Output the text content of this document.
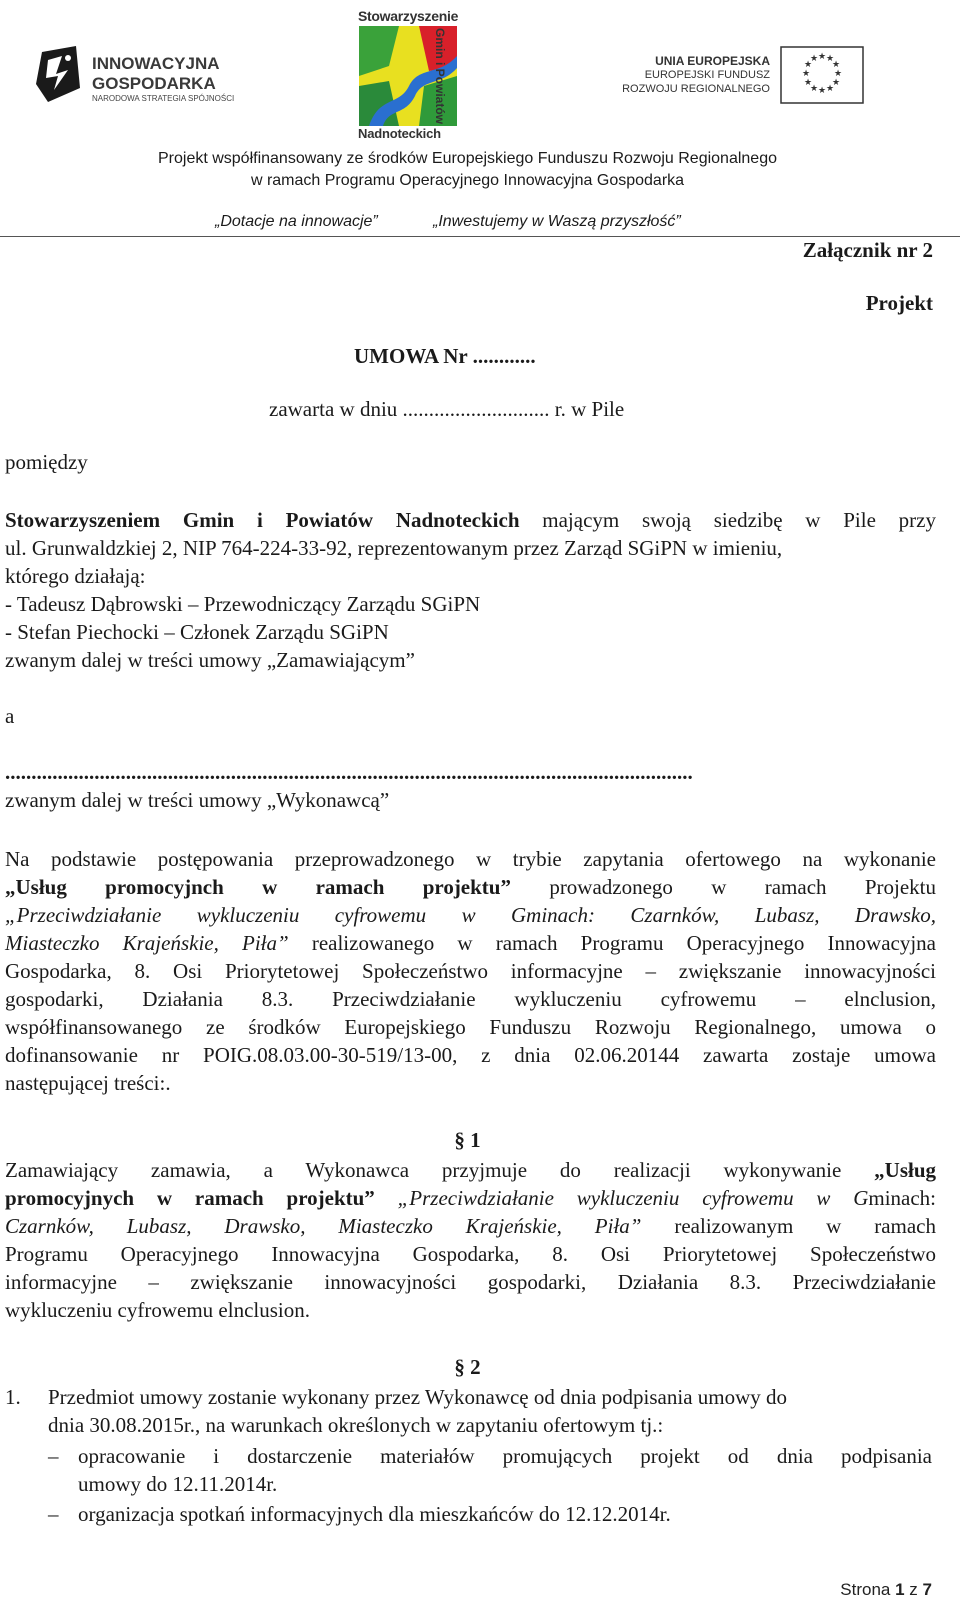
INNOWACYJNA
GOSPODARKA
NARODOWA STRATEGIA SPÓJNOŚCI
Stowarzyszenie
Gmin i Powiatów
Nadnoteckich
UNIA EUROPEJSKA
EUROPEJSKI FUNDUSZ
ROZWOJU REGIONALNEGO
★ ★
★
★
★
★
★
★
★
★
★
★
Projekt współfinansowany ze środków Europejskiego Funduszu Rozwoju Regionalnego
w ramach Programu Operacyjnego Innowacyjna Gospodarka
„Dotacje na innowacje”	„Inwestujemy w Waszą przyszłość”
Załącznik nr 2
Projekt
UMOWA Nr ............
zawarta w dniu ............................ r. w Pile
pomiędzy
Stowarzyszeniem Gmin i Powiatów Nadnoteckich mającym swoją siedzibę w Pile przy
ul. Grunwaldzkiej 2, NIP 764-224-33-92, reprezentowanym przez Zarząd SGiPN w imieniu,
którego działają:
- Tadeusz Dąbrowski – Przewodniczący Zarządu SGiPN
- Stefan Piechocki – Członek Zarządu SGiPN
zwanym dalej w treści umowy „Zamawiającym”
a
...................................................................................................................................
zwanym dalej w treści umowy „Wykonawcą”
Na podstawie postępowania przeprowadzonego w trybie zapytania ofertowego na wykonanie
„Usług promocyjnch w ramach projektu” prowadzonego w ramach Projektu
„Przeciwdziałanie wykluczeniu cyfrowemu w Gminach: Czarnków, Lubasz, Drawsko,
Miasteczko Krajeńskie, Piła” realizowanego w ramach Programu Operacyjnego Innowacyjna
Gospodarka, 8. Osi Priorytetowej Społeczeństwo informacyjne – zwiększanie innowacyjności
gospodarki, Działania 8.3. Przeciwdziałanie wykluczeniu cyfrowemu – elnclusion,
współfinansowanego ze środków Europejskiego Funduszu Rozwoju Regionalnego, umowa o
dofinansowanie nr POIG.08.03.00-30-519/13-00, z dnia 02.06.20144 zawarta zostaje umowa
następującej treści:.
§ 1
Zamawiający zamawia, a Wykonawca przyjmuje do realizacji wykonywanie „Usług
promocyjnych w ramach projektu” „Przeciwdziałanie wykluczeniu cyfrowemu w Gminach:
Czarnków, Lubasz, Drawsko, Miasteczko Krajeńskie, Piła” realizowanym w ramach
Programu Operacyjnego Innowacyjna Gospodarka, 8. Osi Priorytetowej Społeczeństwo
informacyjne – zwiększanie innowacyjności gospodarki, Działania 8.3. Przeciwdziałanie
wykluczeniu cyfrowemu elnclusion.
§ 2
1. Przedmiot umowy zostanie wykonany przez Wykonawcę od dnia podpisania umowy do
dnia 30.08.2015r., na warunkach określonych w zapytaniu ofertowym tj.:
– opracowanie i dostarczenie materiałów promujących projekt od dnia podpisania
umowy do 12.11.2014r.
– organizacja spotkań informacyjnych dla mieszkańców do 12.12.2014r.
Strona 1 z 7
